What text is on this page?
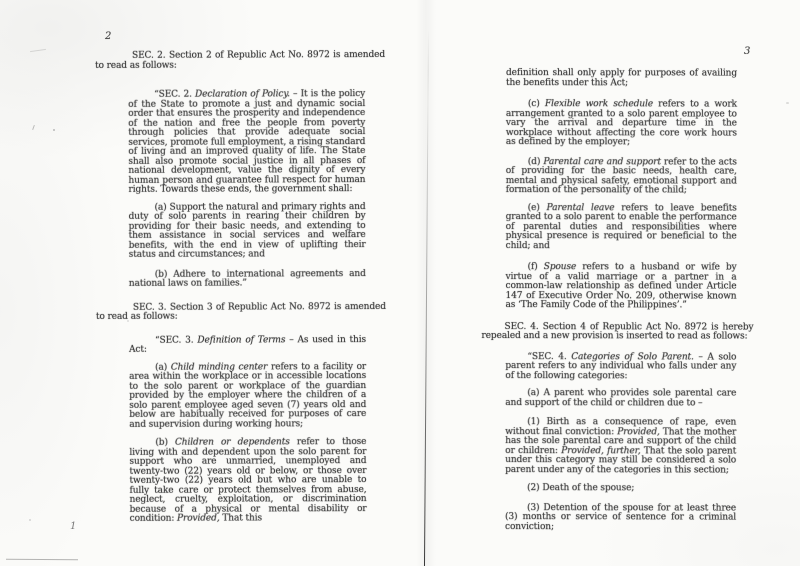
2

SEC. 2. Section 2 of Republic Act No. 8972 is amended to read as follows:

“SEC. 2. Declaration of Policy. – It is the policy of the State to promote a just and dynamic social order that ensures the prosperity and independence of the nation and free the people from poverty through policies that provide adequate social services, promote full employment, a rising standard of living and an improved quality of life. The State shall also promote social justice in all phases of national development, value the dignity of every human person and guarantee full respect for human rights. Towards these ends, the government shall:

(a) Support the natural and primary rights and duty of solo parents in rearing their children by providing for their basic needs, and extending to them assistance in social services and welfare benefits, with the end in view of uplifting their status and circumstances; and

(b) Adhere to international agreements and national laws on families.”

SEC. 3. Section 3 of Republic Act No. 8972 is amended to read as follows:

“SEC. 3. Definition of Terms – As used in this Act:

(a) Child minding center refers to a facility or area within the workplace or in accessible locations to the solo parent or workplace of the guardian provided by the employer where the children of a solo parent employee aged seven (7) years old and below are habitually received for purposes of care and supervision during working hours;

(b) Children or dependents refer to those living with and dependent upon the solo parent for support who are unmarried, unemployed and twenty-two (22) years old or below, or those over twenty-two (22) years old but who are unable to fully take care or protect themselves from abuse, neglect, cruelty, exploitation, or discrimination because of a physical or mental disability or condition: Provided, That this

1
3

definition shall only apply for purposes of availing the benefits under this Act;

(c) Flexible work schedule refers to a work arrangement granted to a solo parent employee to vary the arrival and departure time in the workplace without affecting the core work hours as defined by the employer;

(d) Parental care and support refer to the acts of providing for the basic needs, health care, mental and physical safety, emotional support and formation of the personality of the child;

(e) Parental leave refers to leave benefits granted to a solo parent to enable the performance of parental duties and responsibilities where physical presence is required or beneficial to the child; and

(f) Spouse refers to a husband or wife by virtue of a valid marriage or a partner in a common-law relationship as defined under Article 147 of Executive Order No. 209, otherwise known as ‘The Family Code of the Philippines’.”

SEC. 4. Section 4 of Republic Act No. 8972 is hereby repealed and a new provision is inserted to read as follows:

“SEC. 4. Categories of Solo Parent. – A solo parent refers to any individual who falls under any of the following categories:

(a) A parent who provides sole parental care and support of the child or children due to –

(1) Birth as a consequence of rape, even without final conviction: Provided, That the mother has the sole parental care and support of the child or children: Provided, further, That the solo parent under this category may still be considered a solo parent under any of the categories in this section;

(2) Death of the spouse;

(3) Detention of the spouse for at least three (3) months or service of sentence for a criminal conviction;
